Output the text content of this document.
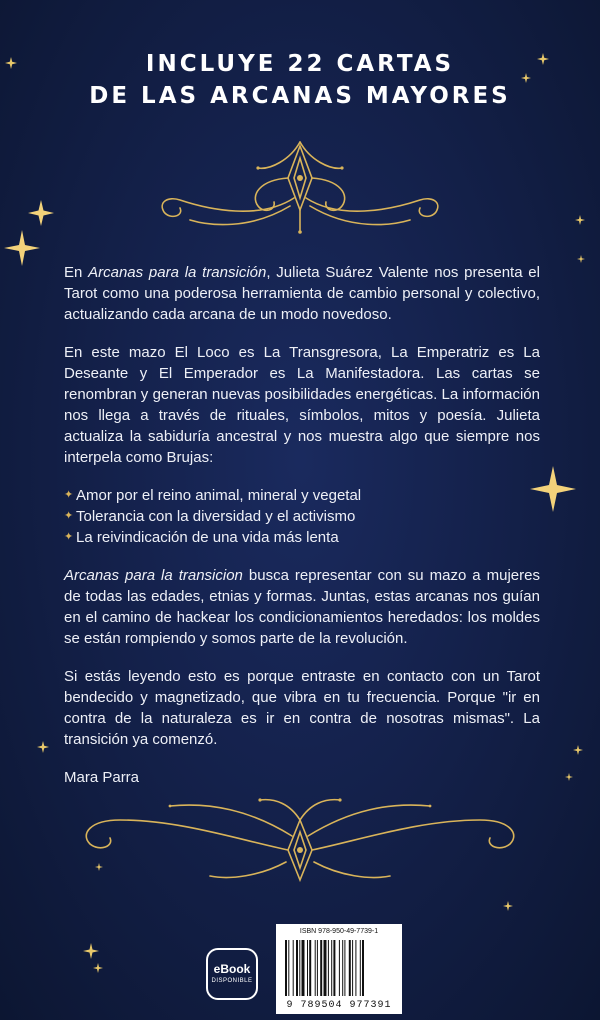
INCLUYE 22 CARTAS
DE LAS ARCANAS MAYORES

En Arcanas para la transición, Julieta Suárez Valente nos presenta el Tarot como una poderosa herramienta de cambio personal y colectivo, actualizando cada arcana de un modo novedoso.

En este mazo El Loco es La Transgresora, La Emperatriz es La Deseante y El Emperador es La Manifestadora. Las cartas se renombran y generan nuevas posibilidades energéticas. La información nos llega a través de rituales, símbolos, mitos y poesía. Julieta actualiza la sabiduría ancestral y nos muestra algo que siempre nos interpela como Brujas:

✦ Amor por el reino animal, mineral y vegetal
✦ Tolerancia con la diversidad y el activismo
✦ La reivindicación de una vida más lenta

Arcanas para la transicion busca representar con su mazo a mujeres de todas las edades, etnias y formas. Juntas, estas arcanas nos guían en el camino de hackear los condicionamientos heredados: los moldes se están rompiendo y somos parte de la revolución.

Si estás leyendo esto es porque entraste en contacto con un Tarot bendecido y magnetizado, que vibra en tu frecuencia. Porque "ir en contra de la naturaleza es ir en contra de nosotras mismas". La transición ya comenzó.

Mara Parra

eBook
DISPONIBLE
ISBN 978-950-49-7739-1
9 789504 977391
